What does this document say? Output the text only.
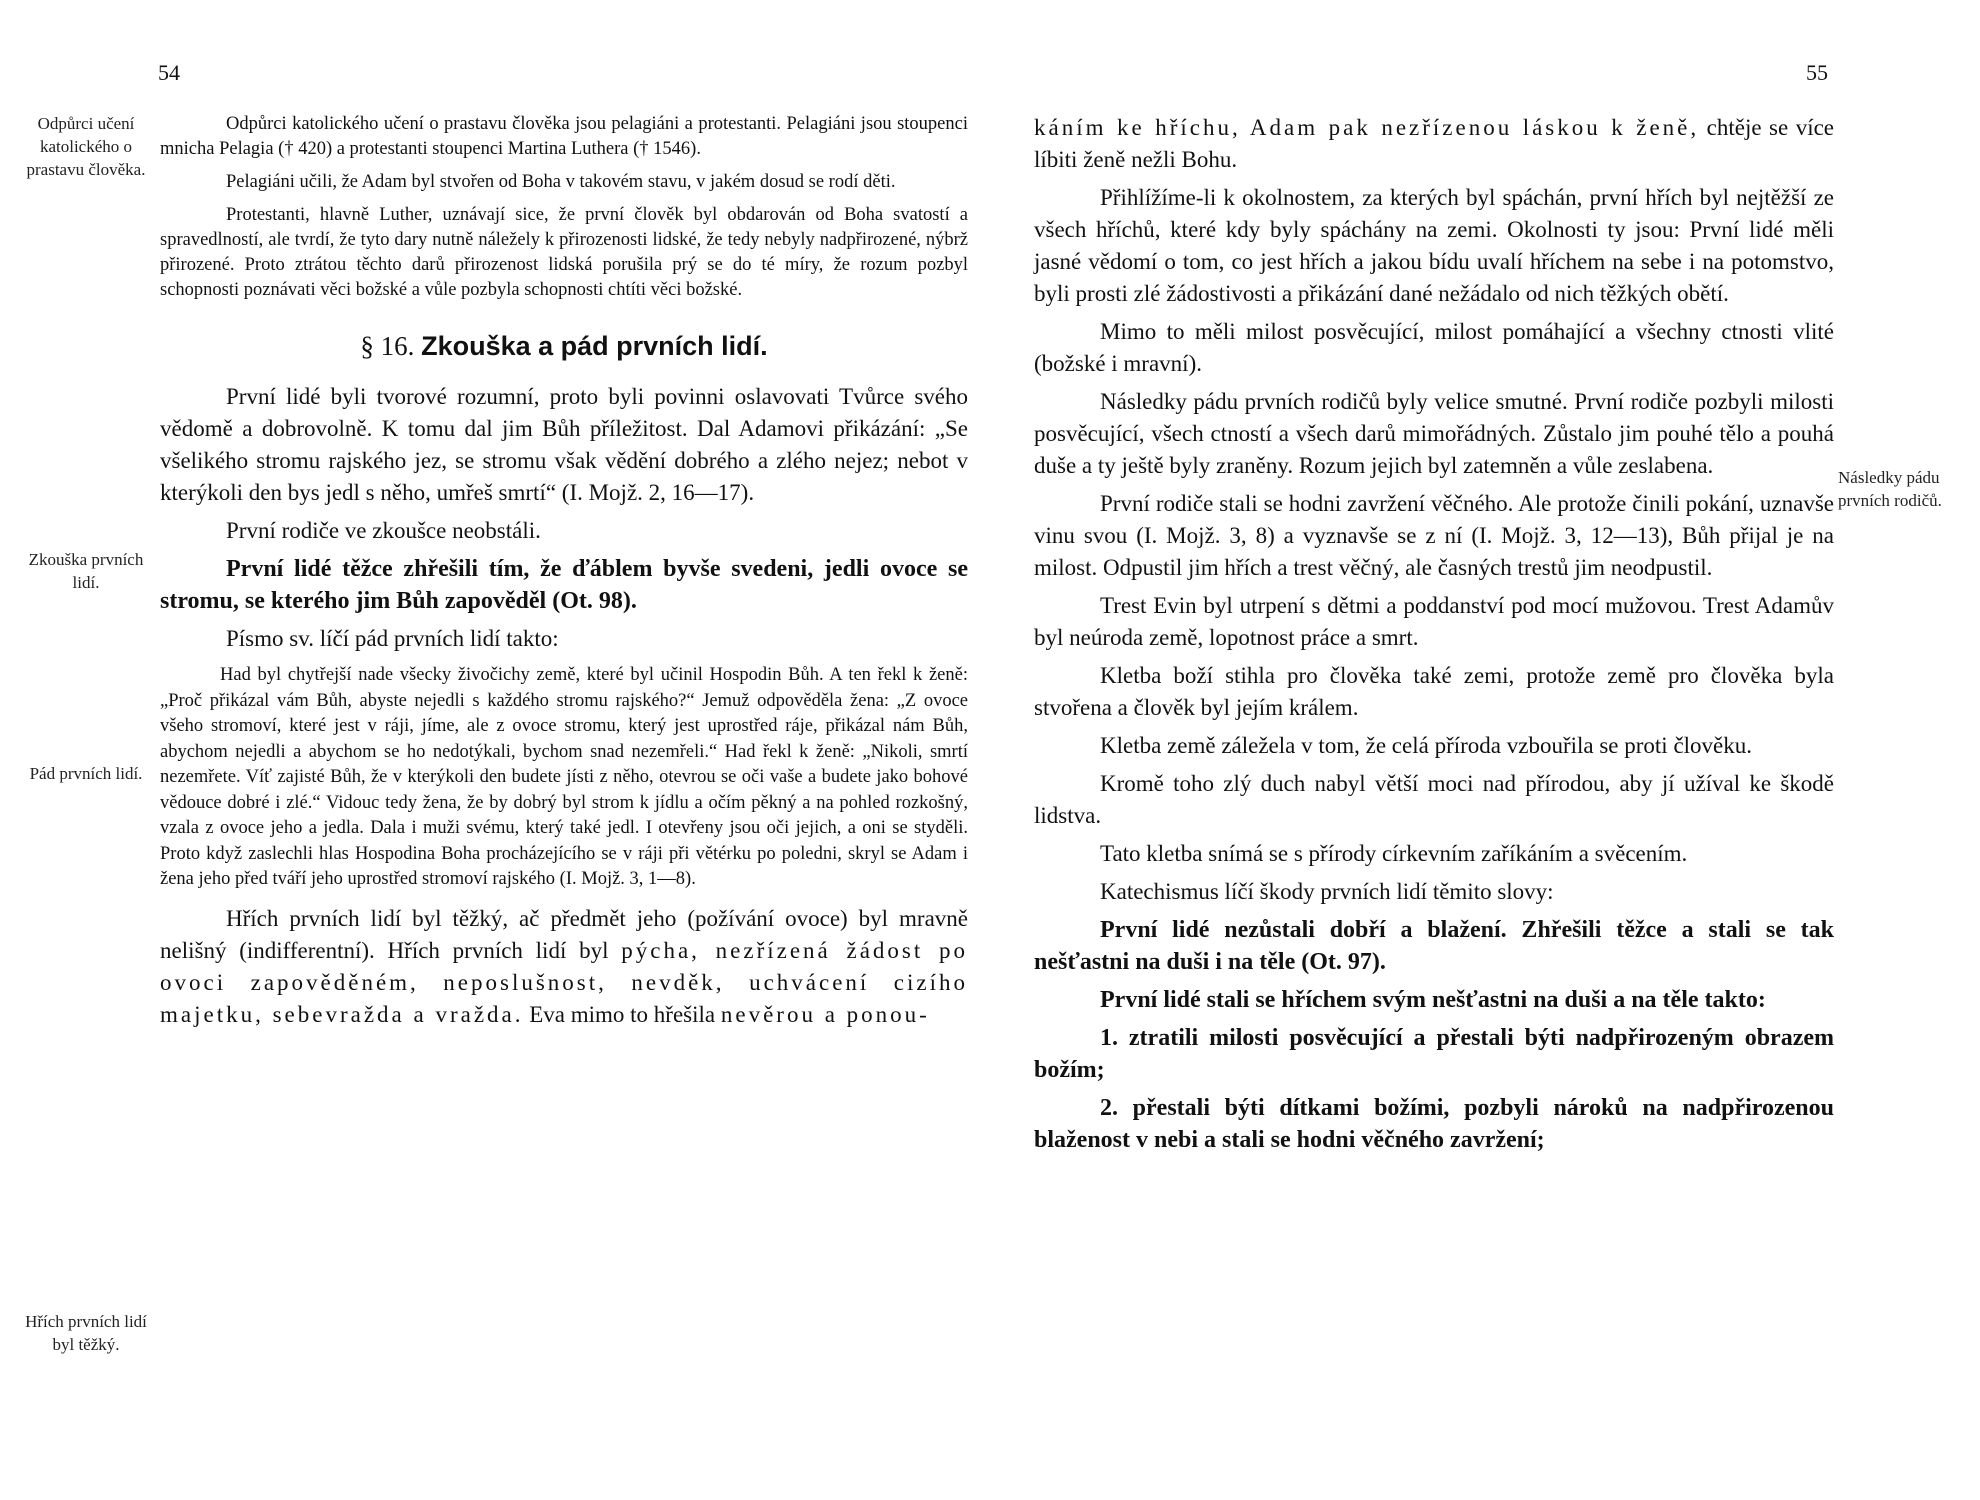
54
Odpůrci učení katolického o prastavu člověka.
Zkouška prvních lidí.
Pád prvních lidí.
Hřích prvních lidí byl těžký.

Odpůrci katolického učení o prastavu člověka jsou pelagiáni a protestanti. Pelagiáni jsou stoupenci mnicha Pelagia († 420) a protestanti stoupenci Martina Luthera († 1546).

Pelagiáni učili, že Adam byl stvořen od Boha v takovém stavu, v jakém dosud se rodí děti.

Protestanti, hlavně Luther, uznávají sice, že první člověk byl obdarován od Boha svatostí a spravedlností, ale tvrdí, že tyto dary nutně náležely k přirozenosti lidské, že tedy nebyly nadpřirozené, nýbrž přirozené. Proto ztrátou těchto darů přirozenost lidská porušila prý se do té míry, že rozum pozbyl schopnosti poznávati věci božské a vůle pozbyla schopnosti chtíti věci božské.

§ 16. Zkouška a pád prvních lidí.

První lidé byli tvorové rozumní, proto byli povinni oslavovati Tvůrce svého vědomě a dobrovolně. K tomu dal jim Bůh příležitost. Dal Adamovi přikázání: „Se všelikého stromu rajského jez, se stromu však vědění dobrého a zlého nejez; nebot v kterýkoli den bys jedl s něho, umřeš smrtí“ (I. Mojž. 2, 16—17).

První rodiče ve zkoušce neobstáli.

První lidé těžce zhřešili tím, že ďáblem byvše svedeni, jedli ovoce se stromu, se kterého jim Bůh zapověděl (Ot. 98).

Písmo sv. líčí pád prvních lidí takto:

Had byl chytřejší nade všecky živočichy země, které byl učinil Hospodin Bůh. A ten řekl k ženě: „Proč přikázal vám Bůh, abyste nejedli s každého stromu rajského?“ Jemuž odpověděla žena: „Z ovoce všeho stromoví, které jest v ráji, jíme, ale z ovoce stromu, který jest uprostřed ráje, přikázal nám Bůh, abychom nejedli a abychom se ho nedotýkali, bychom snad nezemřeli.“ Had řekl k ženě: „Nikoli, smrtí nezemřete. Víť zajisté Bůh, že v kterýkoli den budete jísti z něho, otevrou se oči vaše a budete jako bohové vědouce dobré i zlé.“ Vidouc tedy žena, že by dobrý byl strom k jídlu a očím pěkný a na pohled rozkošný, vzala z ovoce jeho a jedla. Dala i muži svému, který také jedl. I otevřeny jsou oči jejich, a oni se styděli. Proto když zaslechli hlas Hospodina Boha procházejícího se v ráji při větérku po poledni, skryl se Adam i žena jeho před tváří jeho uprostřed stromoví rajského (I. Mojž. 3, 1—8).

Hřích prvních lidí byl těžký, ač předmět jeho (požívání ovoce) byl mravně nelišný (indifferentní). Hřích prvních lidí byl pýcha, nezřízená žádost po ovoci zapověděném, neposlušnost, nevděk, uchvácení cizího majetku, sebevražda a vražda. Eva mimo to hřešila nevěrou a ponou-

55
Následky pádu prvních rodičů.

káním ke hříchu, Adam pak nezřízenou láskou k ženě, chtěje se více líbiti ženě nežli Bohu.

Přihlížíme-li k okolnostem, za kterých byl spáchán, první hřích byl nejtěžší ze všech hříchů, které kdy byly spáchány na zemi. Okolnosti ty jsou: První lidé měli jasné vědomí o tom, co jest hřích a jakou bídu uvalí hříchem na sebe i na potomstvo, byli prosti zlé žádostivosti a přikázání dané nežádalo od nich těžkých obětí.

Mimo to měli milost posvěcující, milost pomáhající a všechny ctnosti vlité (božské i mravní).

Následky pádu prvních rodičů byly velice smutné. První rodiče pozbyli milosti posvěcující, všech ctností a všech darů mimořádných. Zůstalo jim pouhé tělo a pouhá duše a ty ještě byly zraněny. Rozum jejich byl zatemněn a vůle zeslabena.

První rodiče stali se hodni zavržení věčného. Ale protože činili pokání, uznavše vinu svou (I. Mojž. 3, 8) a vyznavše se z ní (I. Mojž. 3, 12—13), Bůh přijal je na milost. Odpustil jim hřích a trest věčný, ale časných trestů jim neodpustil.

Trest Evin byl utrpení s dětmi a poddanství pod mocí mužovou. Trest Adamův byl neúroda země, lopotnost práce a smrt.

Kletba boží stihla pro člověka také zemi, protože země pro člověka byla stvořena a člověk byl jejím králem.

Kletba země záležela v tom, že celá příroda vzbouřila se proti člověku.

Kromě toho zlý duch nabyl větší moci nad přírodou, aby jí užíval ke škodě lidstva.

Tato kletba snímá se s přírody církevním zaříkáním a svěcením.

Katechismus líčí škody prvních lidí těmito slovy:

První lidé nezůstali dobří a blažení. Zhřešili těžce a stali se tak nešťastni na duši i na těle (Ot. 97).

První lidé stali se hříchem svým nešťastni na duši a na těle takto:

1. ztratili milosti posvěcující a přestali býti nadpřirozeným obrazem božím;

2. přestali býti dítkami božími, pozbyli nároků na nadpřirozenou blaženost v nebi a stali se hodni věčného zavržení;
